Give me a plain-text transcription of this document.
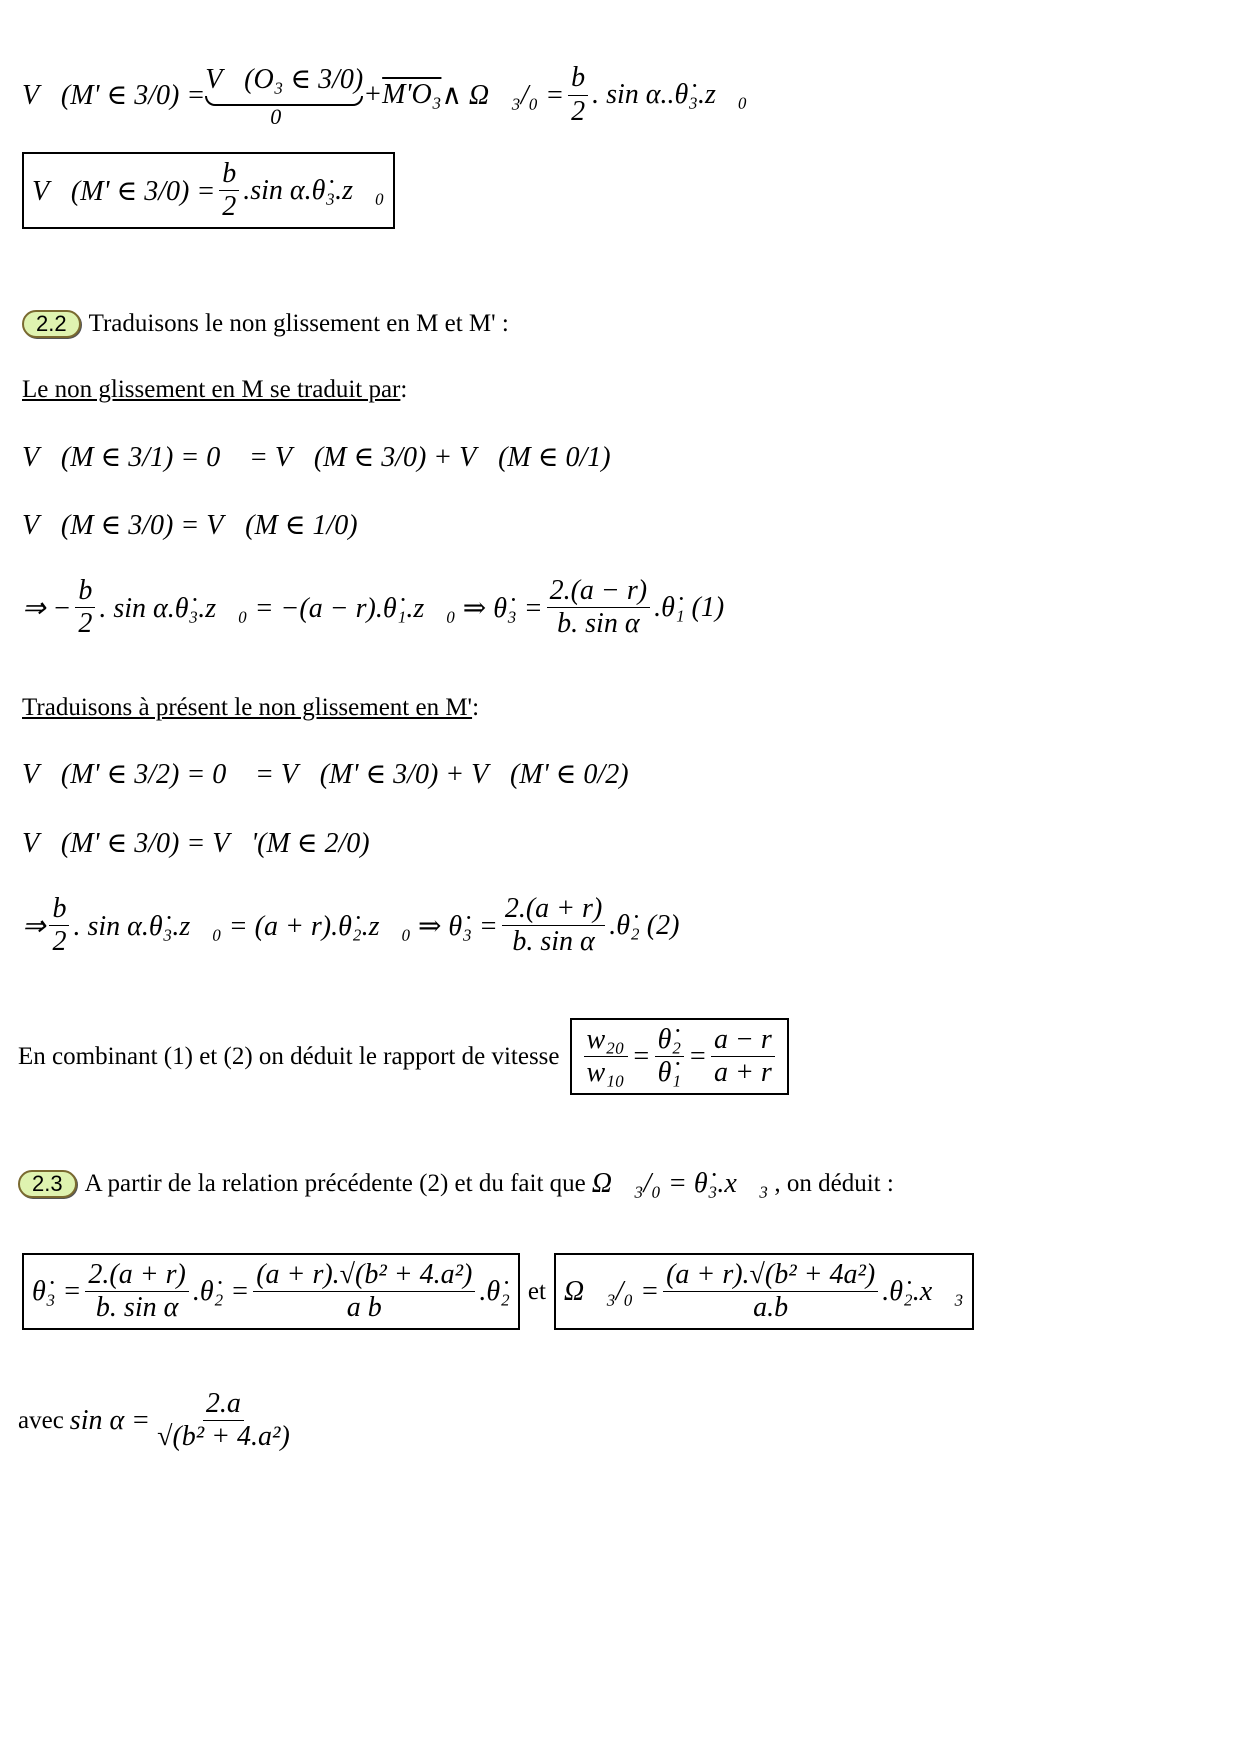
V⃗(M' ∈ 3/0) =
V⃗(O₃ ∈ 3/0)
0⃗
+ M'O₃ ∧ Ω⃗₃/₀ = $\frac{b}{2}$ . sin α..θ̇₃.z⃗₀
V⃗(M' ∈ $3/0) = \frac{b}{2} .\sin$ α.θ̇₃.z⃗₀
2.2 Traduisons le non glissement en M et M' :
Le non glissement en M se traduit par :
V⃗(M ∈ 3/1) = 0⃗ = V⃗(M ∈ 3/0) + V⃗(M ∈ 0/1)
V⃗(M ∈ 3/0) = V⃗(M ∈ 1/0)
⇒ − $\frac{b}{2}$ . sin α.θ̇₃.z⃗₀ = −(a − r).θ̇₁.z⃗₀ ⇒ θ̇₃ = $\frac{2.(a - r)}{\text{b. sin α}}$ .θ̇₁ (1)
Traduisons à présent le non glissement en M' :
V⃗(M' ∈ 3/2) = 0⃗ = V⃗(M' ∈ 3/0) + V⃗(M' ∈ 0/2)
V⃗(M' ∈ 3/0) = V⃗'(M ∈ 2/0)
⇒ $\frac{b}{2}$ . sin α.θ̇₃.z⃗₀ = (a + r).θ̇₂.z⃗₀ ⇒ θ̇₃ = $\frac{2.(a + r)}{\text{b. sin α}}$ .θ̇₂ (2)
En combinant (1) et (2) on déduit le rapport de vitesse $\frac{\text{w₂₀}}{\text{w₁₀}} = \frac{\text{θ̇₂}}{\text{θ̇₁}} = \frac{a - r}{a + r}$
2.3 A partir de la relation précédente (2) et du fait que Ω⃗₃/₀ = θ̇₃.x⃗₃ , on déduit :
θ̇₃ = $\frac{2.(a + r)}{\text{b. sin α}}$ .θ̇₂ = $\frac{\text{(a + r).√(b² + 4.a²)}}{\text{a b}}$ .θ̇₂ et Ω⃗₃/₀ = $\frac{\text{(a + r).√(b² + 4a²)}}{a.b}$ .θ̇₂.x⃗₃
avec $\sin \alpha = \frac{2.a}{\text{√(b² + 4.a²)}}$
